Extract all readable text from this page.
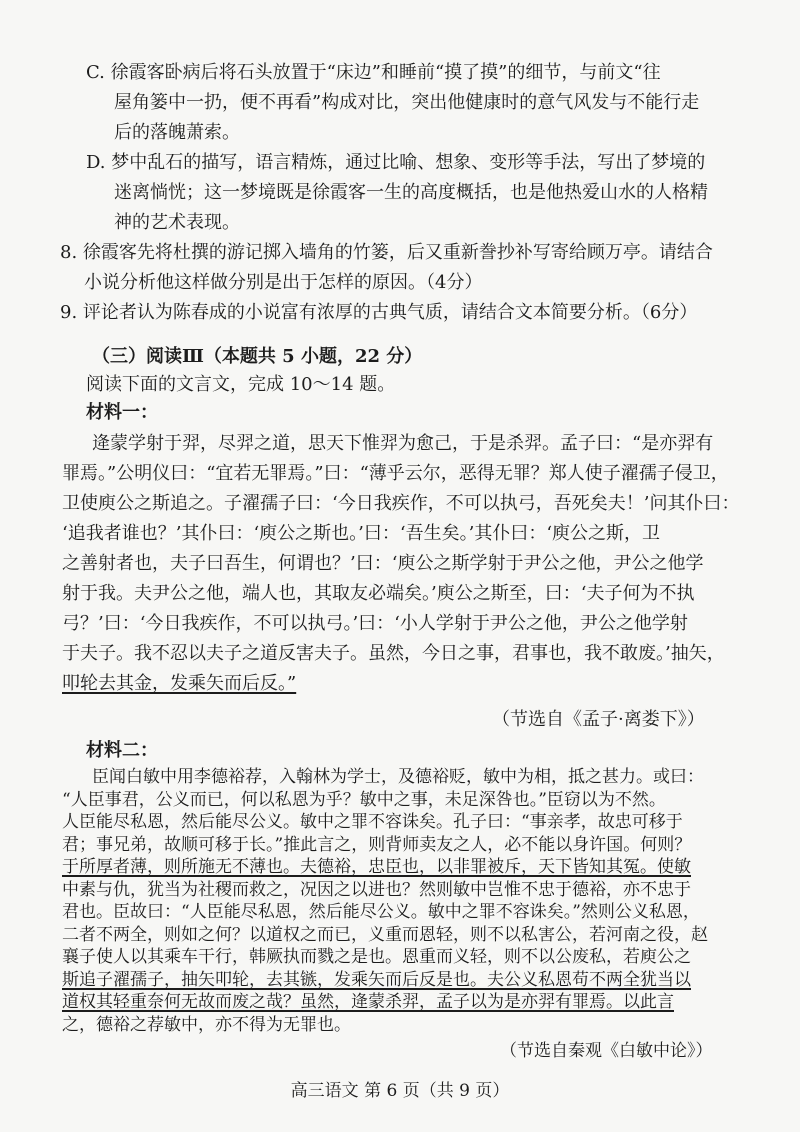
C. 徐霞客卧病后将石头放置于“床边”和睡前“摸了摸”的细节，与前文“往
屋角篓中一扔，便不再看”构成对比，突出他健康时的意气风发与不能行走
后的落魄萧索。
D. 梦中乱石的描写，语言精炼，通过比喻、想象、变形等手法，写出了梦境的
迷离惝恍；这一梦境既是徐霞客一生的高度概括，也是他热爱山水的人格精
神的艺术表现。
8. 徐霞客先将杜撰的游记掷入墙角的竹篓，后又重新誊抄补写寄给顾万亭。请结合
小说分析他这样做分别是出于怎样的原因。（4分）
9. 评论者认为陈春成的小说富有浓厚的古典气质，请结合文本简要分析。（6分）
（三）阅读Ⅲ（本题共 5 小题，22 分）
阅读下面的文言文，完成 10～14 题。
材料一：
逄蒙学射于羿，尽羿之道，思天下惟羿为愈己，于是杀羿。孟子曰：“是亦羿有
罪焉。”公明仪曰：“宜若无罪焉。”曰：“薄乎云尔，恶得无罪？郑人使子濯孺子侵卫，
卫使庾公之斯追之。子濯孺子曰：‘今日我疾作，不可以执弓，吾死矣夫！’问其仆曰：
‘追我者谁也？’其仆曰：‘庾公之斯也。’曰：‘吾生矣。’其仆曰：‘庾公之斯，卫
之善射者也，夫子曰吾生，何谓也？’曰：‘庾公之斯学射于尹公之他，尹公之他学
射于我。夫尹公之他，端人也，其取友必端矣。’庾公之斯至，曰：‘夫子何为不执
弓？’曰：‘今日我疾作，不可以执弓。’曰：‘小人学射于尹公之他，尹公之他学射
于夫子。我不忍以夫子之道反害夫子。虽然，今日之事，君事也，我不敢废。’抽矢，
叩轮去其金，发乘矢而后反。”
（节选自《孟子·离娄下》）
材料二：
臣闻白敏中用李德裕荐，入翰林为学士，及德裕贬，敏中为相，抵之甚力。或曰：
“人臣事君，公义而已，何以私恩为乎？敏中之事，未足深咎也。”臣窃以为不然。
人臣能尽私恩，然后能尽公义。敏中之罪不容诛矣。孔子曰：“事亲孝，故忠可移于
君；事兄弟，故顺可移于长。”推此言之，则背师卖友之人，必不能以身许国。何则？
于所厚者薄，则所施无不薄也。夫德裕，忠臣也，以非罪被斥，天下皆知其冤。使敏
中素与仇，犹当为社稷而救之，况因之以进也？然则敏中岂惟不忠于德裕，亦不忠于
君也。臣故曰：“人臣能尽私恩，然后能尽公义。敏中之罪不容诛矣。”然则公义私恩，
二者不两全，则如之何？以道权之而已，义重而恩轻，则不以私害公，若河南之役，赵
襄子使人以其乘车干行，韩厥执而戮之是也。恩重而义轻，则不以公废私，若庾公之
斯追子濯孺子，抽矢叩轮，去其镞，发乘矢而后反是也。夫公义私恩苟不两全犹当以
道权其轻重奈何无故而废之哉？虽然，逄蒙杀羿，孟子以为是亦羿有罪焉。以此言
之，德裕之荐敏中，亦不得为无罪也。
（节选自秦观《白敏中论》）
高三语文 第 6 页（共 9 页）
